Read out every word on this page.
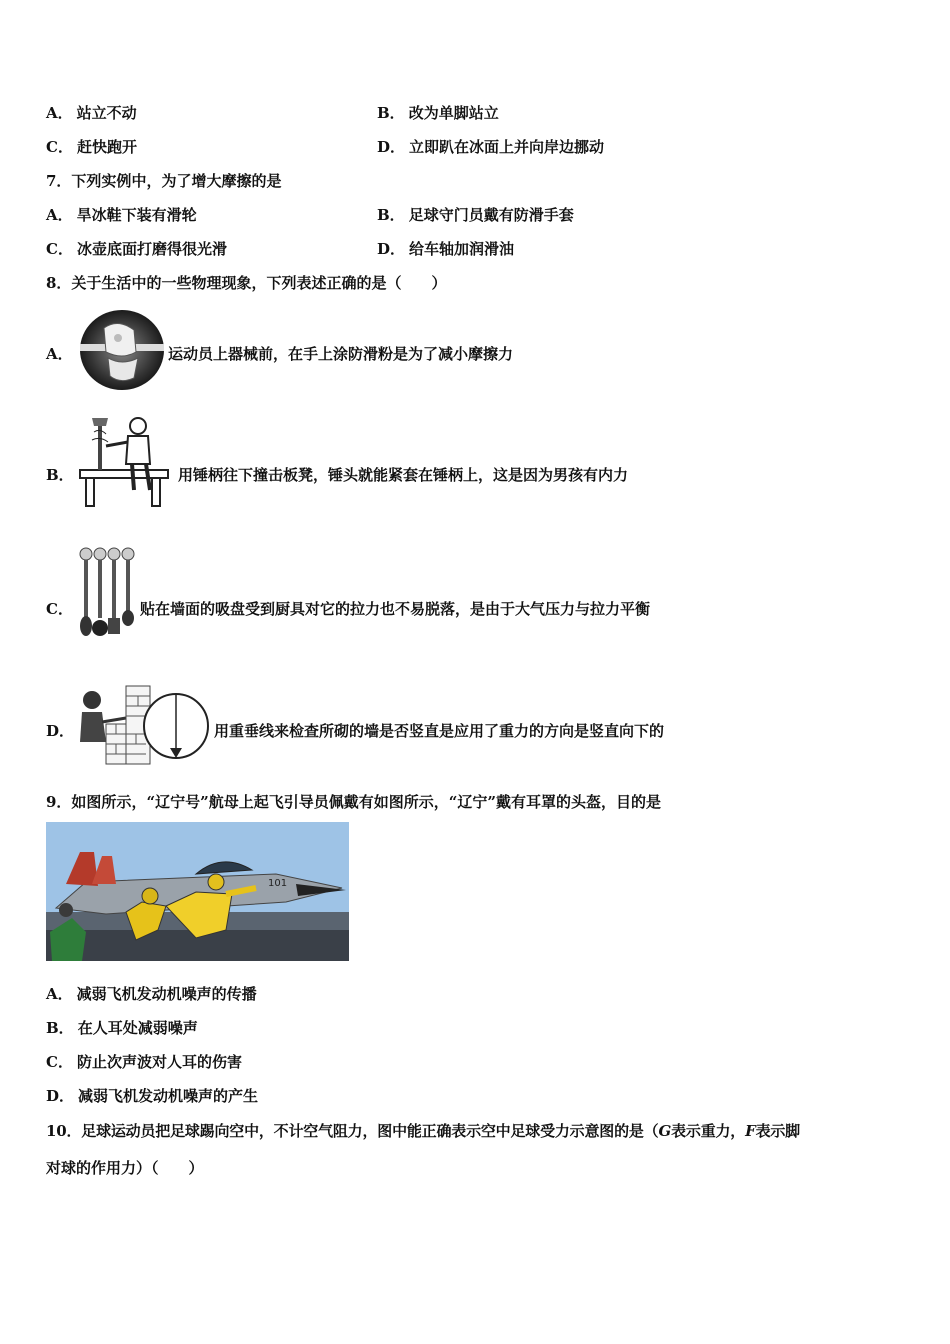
A． 站立不动	B． 改为单脚站立
C． 赶快跑开	D． 立即趴在冰面上并向岸边挪动
7．下列实例中，为了增大摩擦的是
A． 旱冰鞋下装有滑轮	B． 足球守门员戴有防滑手套
C． 冰壶底面打磨得很光滑	D． 给车轴加润滑油
8．关于生活中的一些物理现象，下列表述正确的是（　　）
A．	运动员上器械前，在手上涂防滑粉是为了减小摩擦力
B．	用锤柄往下撞击板凳，锤头就能紧套在锤柄上，这是因为男孩有内力
C．	贴在墙面的吸盘受到厨具对它的拉力也不易脱落，是由于大气压力与拉力平衡
D．	用重垂线来检查所砌的墙是否竖直是应用了重力的方向是竖直向下的
9．如图所示，“辽宁号”航母上起飞引导员佩戴有如图所示，“辽宁”戴有耳罩的头盔，目的是
101
A． 减弱飞机发动机噪声的传播
B． 在人耳处减弱噪声
C． 防止次声波对人耳的伤害
D． 减弱飞机发动机噪声的产生
10．足球运动员把足球踢向空中，不计空气阻力，图中能正确表示空中足球受力示意图的是（G表示重力，F表示脚
对球的作用力）（　　）
